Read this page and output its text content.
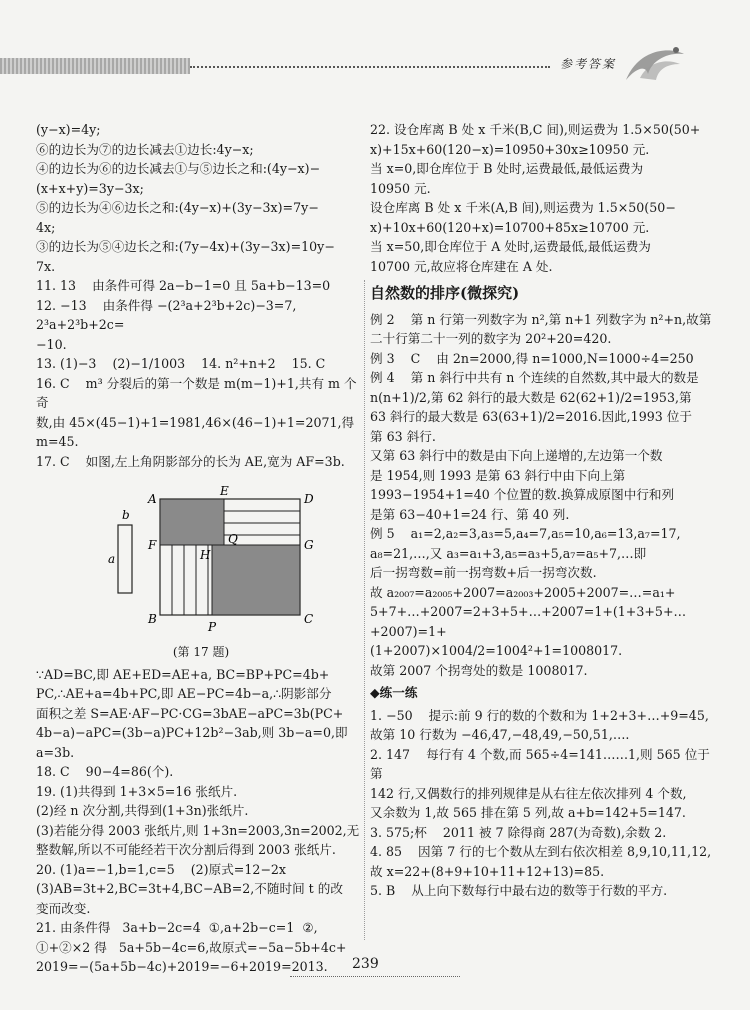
参考答案
(y−x)=4y;
⑥的边长为⑦的边长减去①边长:4y−x;
④的边长为⑥的边长减去①与⑤边长之和:(4y−x)−
(x+x+y)=3y−3x;
⑤的边长为④⑥边长之和:(4y−x)+(3y−3x)=7y−
4x;
③的边长为⑤④边长之和:(7y−4x)+(3y−3x)=10y−
7x.
11. 13    由条件可得 2a−b−1=0 且 5a+b−13=0
12. −13    由条件得 −(2³a+2³b+2c)−3=7, 2³a+2³b+2c=
−10.
13. (1)−3    (2)−1/1003    14. n²+n+2    15. C
16. C    m³ 分裂后的第一个数是 m(m−1)+1,共有 m 个奇
数,由 45×(45−1)+1=1981,46×(46−1)+1=2071,得
m=45.
17. C    如图,左上角阴影部分的长为 AE,宽为 AF=3b.
A
E
D
F	Q	G
H
B
P
C
a
b
(第 17 题)
∵AD=BC,即 AE+ED=AE+a, BC=BP+PC=4b+
PC,∴AE+a=4b+PC,即 AE−PC=4b−a,∴阴影部分
面积之差 S=AE·AF−PC·CG=3bAE−aPC=3b(PC+
4b−a)−aPC=(3b−a)PC+12b²−3ab,则 3b−a=0,即
a=3b.
18. C    90−4=86(个).
19. (1)共得到 1+3×5=16 张纸片.
(2)经 n 次分割,共得到(1+3n)张纸片.
(3)若能分得 2003 张纸片,则 1+3n=2003,3n=2002,无
整数解,所以不可能经若干次分割后得到 2003 张纸片.
20. (1)a=−1,b=1,c=5    (2)原式=12−2x
(3)AB=3t+2,BC=3t+4,BC−AB=2,不随时间 t 的改
变而改变.
21. 由条件得   3a+b−2c=4  ①,a+2b−c=1  ②,
①+②×2 得   5a+5b−4c=6,故原式=−5a−5b+4c+
2019=−(5a+5b−4c)+2019=−6+2019=2013.
22. 设仓库离 B 处 x 千米(B,C 间),则运费为 1.5×50(50+
x)+15x+60(120−x)=10950+30x≥10950 元.
当 x=0,即仓库位于 B 处时,运费最低,最低运费为
10950 元.
设仓库离 B 处 x 千米(A,B 间),则运费为 1.5×50(50−
x)+10x+60(120+x)=10700+85x≥10700 元.
当 x=50,即仓库位于 A 处时,运费最低,最低运费为
10700 元,故应将仓库建在 A 处.
自然数的排序(微探究)
例 2    第 n 行第一列数字为 n²,第 n+1 列数字为 n²+n,故第
二十行第二十一列的数字为 20²+20=420.
例 3    C    由 2n=2000,得 n=1000,N=1000÷4=250
例 4    第 n 斜行中共有 n 个连续的自然数,其中最大的数是
n(n+1)/2,第 62 斜行的最大数是 62(62+1)/2=1953,第
63 斜行的最大数是 63(63+1)/2=2016.因此,1993 位于
第 63 斜行.
又第 63 斜行中的数是由下向上递增的,左边第一个数
是 1954,则 1993 是第 63 斜行中由下向上第
1993−1954+1=40 个位置的数.换算成原图中行和列
是第 63−40+1=24 行、第 40 列.
例 5    a₁=2,a₂=3,a₃=5,a₄=7,a₅=10,a₆=13,a₇=17,
a₈=21,…,又 a₃=a₁+3,a₅=a₃+5,a₇=a₅+7,…即
后一拐弯数=前一拐弯数+后一拐弯次数.
故 a₂₀₀₇=a₂₀₀₅+2007=a₂₀₀₃+2005+2007=…=a₁+
5+7+…+2007=2+3+5+…+2007=1+(1+3+5+…+2007)=1+
(1+2007)×1004/2=1004²+1=1008017.
故第 2007 个拐弯处的数是 1008017.
◆练一练
1. −50    提示:前 9 行的数的个数和为 1+2+3+…+9=45,
故第 10 行数为 −46,47,−48,49,−50,51,….
2. 147    每行有 4 个数,而 565÷4=141……1,则 565 位于第
142 行,又偶数行的排列规律是从右往左依次排列 4 个数,
又余数为 1,故 565 排在第 5 列,故 a+b=142+5=147.
3. 575;杯    2011 被 7 除得商 287(为奇数),余数 2.
4. 85    因第 7 行的七个数从左到右依次相差 8,9,10,11,12,
故 x=22+(8+9+10+11+12+13)=85.
5. B    从上向下数每行中最右边的数等于行数的平方.
239
